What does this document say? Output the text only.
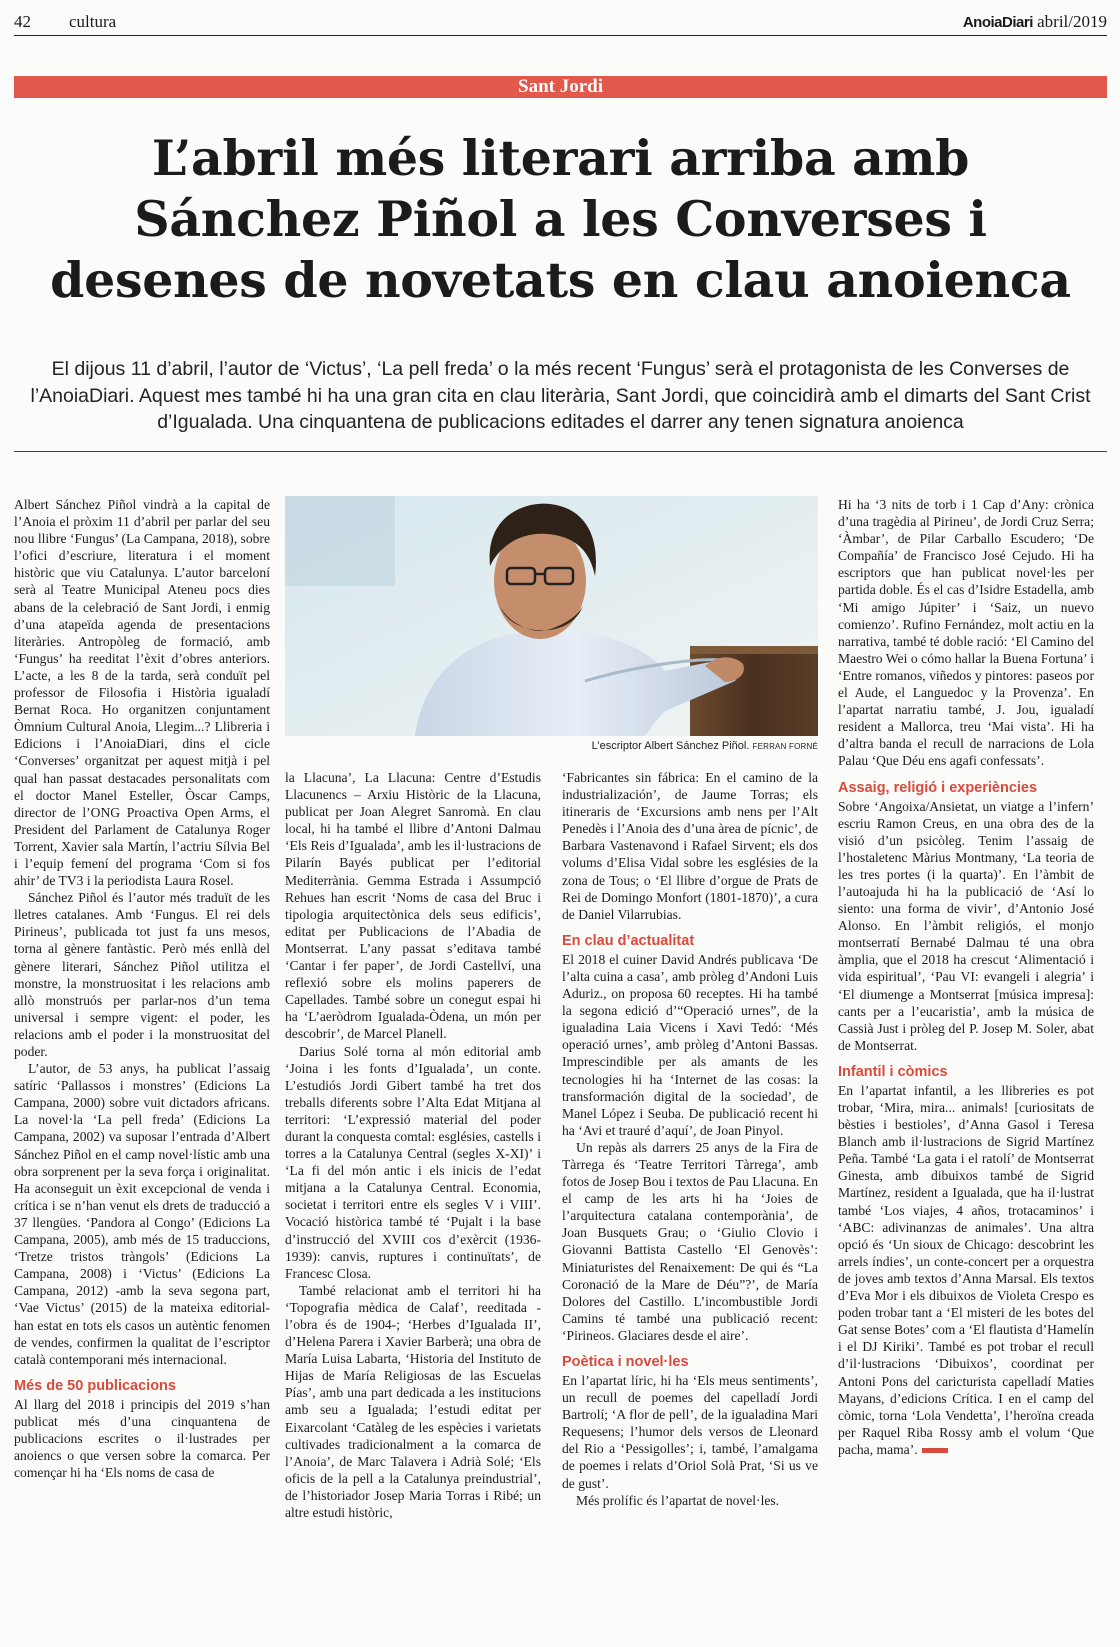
42 cultura	AnoiaDiari abril/2019
Sant Jordi
L’abril més literari arriba amb
Sánchez Piñol a les Converses i
desenes de novetats en clau anoienca

El dijous 11 d’abril, l’autor de ‘Victus’, ‘La pell freda’ o la més recent ‘Fungus’ serà el protagonista de les Converses de l’AnoiaDiari. Aquest mes també hi ha una gran cita en clau literària, Sant Jordi, que coincidirà amb el dimarts del Sant Crist d’Igualada. Una cinquantena de publicacions editades el darrer any tenen signatura anoienca

Albert Sánchez Piñol vindrà a la capital de l’Anoia el pròxim 11 d’abril per parlar del seu nou llibre ‘Fungus’ (La Campana, 2018), sobre l’ofici d’escriure, literatura i el moment històric que viu Catalunya. L’autor barceloní serà al Teatre Municipal Ateneu pocs dies abans de la celebració de Sant Jordi, i enmig d’una atapeïda agenda de presentacions literàries. Antropòleg de formació, amb ‘Fungus’ ha reeditat l’èxit d’obres anteriors. L’acte, a les 8 de la tarda, serà conduït pel professor de Filosofia i Història igualadí Bernat Roca. Ho organitzen conjuntament Òmnium Cultural Anoia, Llegim...? Llibreria i Edicions i l’AnoiaDiari, dins el cicle ‘Converses’ organitzat per aquest mitjà i pel qual han passat destacades personalitats com el doctor Manel Esteller, Òscar Camps, director de l’ONG Proactiva Open Arms, el President del Parlament de Catalunya Roger Torrent, Xavier sala Martín, l’actriu Sílvia Bel i l’equip femení del programa ‘Com si fos ahir’ de TV3 i la periodista Laura Rosel.

Sánchez Piñol és l’autor més traduït de les lletres catalanes. Amb ‘Fungus. El rei dels Pirineus’, publicada tot just fa uns mesos, torna al gènere fantàstic. Però més enllà del gènere literari, Sánchez Piñol utilitza el monstre, la monstruositat i les relacions amb allò monstruós per parlar-nos d’un tema universal i sempre vigent: el poder, les relacions amb el poder i la monstruositat del poder.

L’autor, de 53 anys, ha publicat l’assaig satíric ‘Pallassos i monstres’ (Edicions La Campana, 2000) sobre vuit dictadors africans. La novel·la ‘La pell freda’ (Edicions La Campana, 2002) va suposar l’entrada d’Albert Sánchez Piñol en el camp novel·lístic amb una obra sorprenent per la seva força i originalitat. Ha aconseguit un èxit excepcional de venda i crítica i se n’han venut els drets de traducció a 37 llengües. ‘Pandora al Congo’ (Edicions La Campana, 2005), amb més de 15 traduccions, ‘Tretze tristos tràngols’ (Edicions La Campana, 2008) i ‘Victus’ (Edicions La Campana, 2012) -amb la seva segona part, ‘Vae Victus’ (2015) de la mateixa editorial- han estat en tots els casos un autèntic fenomen de vendes, confirmen la qualitat de l’escriptor català contemporani més internacional.

Més de 50 publicacions

Al llarg del 2018 i principis del 2019 s’han publicat més d’una cinquantena de publicacions escrites o il·lustrades per anoiencs o que versen sobre la comarca. Per començar hi ha ‘Els noms de casa de

L’escriptor Albert Sánchez Piñol. FERRAN FORNÉ

la Llacuna’, La Llacuna: Centre d’Estudis Llacunencs – Arxiu Històric de la Llacuna, publicat per Joan Alegret Sanromà. En clau local, hi ha també el llibre d’Antoni Dalmau ‘Els Reis d’Igualada’, amb les il·lustracions de Pilarín Bayés publicat per l’editorial Mediterrània. Gemma Estrada i Assumpció Rehues han escrit ‘Noms de casa del Bruc i tipologia arquitectònica dels seus edificis’, editat per Publicacions de l’Abadia de Montserrat. L’any passat s’editava també ‘Cantar i fer paper’, de Jordi Castellví, una reflexió sobre els molins paperers de Capellades. També sobre un conegut espai hi ha ‘L’aeròdrom Igualada-Òdena, un món per descobrir’, de Marcel Planell.

Darius Solé torna al món editorial amb ‘Joina i les fonts d’Igualada’, un conte. L’estudiós Jordi Gibert també ha tret dos treballs diferents sobre l’Alta Edat Mitjana al territori: ‘L’expressió material del poder durant la conquesta comtal: esglésies, castells i torres a la Catalunya Central (segles X-XI)’ i ‘La fi del món antic i els inicis de l’edat mitjana a la Catalunya Central. Economia, societat i territori entre els segles V i VIII’. Vocació històrica també té ‘Pujalt i la base d’instrucció del XVIII cos d’exèrcit (1936-1939): canvis, ruptures i continuïtats’, de Francesc Closa.

També relacionat amb el territori hi ha ‘Topografia mèdica de Calaf’, reeditada -l’obra és de 1904-; ‘Herbes d’Igualada II’, d’Helena Parera i Xavier Barberà; una obra de María Luisa Labarta, ‘Historia del Instituto de Hijas de María Religiosas de las Escuelas Pías’, amb una part dedicada a les institucions amb seu a Igualada; l’estudi editat per Eixarcolant ‘Catàleg de les espècies i varietats cultivades tradicionalment a la comarca de l’Anoia’, de Marc Talavera i Adrià Solé; ‘Els oficis de la pell a la Catalunya preindustrial’, de l’historiador Josep Maria Torras i Ribé; un altre estudi històric,

‘Fabricantes sin fábrica: En el camino de la industrialización’, de Jaume Torras; els itineraris de ‘Excursions amb nens per l’Alt Penedès i l’Anoia des d’una àrea de pícnic’, de Barbara Vastenavond i Rafael Sirvent; els dos volums d’Elisa Vidal sobre les esglésies de la zona de Tous; o ‘El llibre d’orgue de Prats de Rei de Domingo Monfort (1801-1870)’, a cura de Daniel Vilarrubias.

En clau d’actualitat

El 2018 el cuiner David Andrés publicava ‘De l’alta cuina a casa’, amb pròleg d’Andoni Luis Aduriz., on proposa 60 receptes. Hi ha també la segona edició d’“Operació urnes”, de la igualadina Laia Vicens i Xavi Tedó: ‘Més operació urnes’, amb pròleg d’Antoni Bassas. Imprescindible per als amants de les tecnologies hi ha ‘Internet de las cosas: la transformación digital de la sociedad’, de Manel López i Seuba. De publicació recent hi ha ‘Avi et trauré d’aquí’, de Joan Pinyol.

Un repàs als darrers 25 anys de la Fira de Tàrrega és ‘Teatre Territori Tàrrega’, amb fotos de Josep Bou i textos de Pau Llacuna. En el camp de les arts hi ha ‘Joies de l’arquitectura catalana contemporània’, de Joan Busquets Grau; o ‘Giulio Clovio i Giovanni Battista Castello ‘El Genovès’: Miniaturistes del Renaixement: De qui és “La Coronació de la Mare de Déu”?’, de María Dolores del Castillo. L’incombustible Jordi Camins té també una publicació recent: ‘Pirineos. Glaciares desde el aire’.

Poètica i novel·les

En l’apartat líric, hi ha ‘Els meus sentiments’, un recull de poemes del capelladí Jordi Bartrolí; ‘A flor de pell’, de la igualadina Mari Requesens; l’humor dels versos de Lleonard del Rio a ‘Pessigolles’; i, també, l’amalgama de poemes i relats d’Oriol Solà Prat, ‘Si us ve de gust’.

Més prolífic és l’apartat de novel·les.

Hi ha ‘3 nits de torb i 1 Cap d’Any: crònica d’una tragèdia al Pirineu’, de Jordi Cruz Serra; ‘Àmbar’, de Pilar Carballo Escudero; ‘De Compañía’ de Francisco José Cejudo. Hi ha escriptors que han publicat novel·les per partida doble. És el cas d’Isidre Estadella, amb ‘Mi amigo Júpiter’ i ‘Saiz, un nuevo comienzo’. Rufino Fernández, molt actiu en la narrativa, també té doble ració: ‘El Camino del Maestro Wei o cómo hallar la Buena Fortuna’ i ‘Entre romanos, viñedos y pintores: paseos por el Aude, el Languedoc y la Provenza’. En l’apartat narratiu també, J. Jou, igualadí resident a Mallorca, treu ‘Mai vista’. Hi ha d’altra banda el recull de narracions de Lola Palau ‘Que Déu ens agafi confessats’.

Assaig, religió i experiències

Sobre ‘Angoixa/Ansietat, un viatge a l’infern’ escriu Ramon Creus, en una obra des de la visió d’un psicòleg. Tenim l’assaig de l’hostaletenc Màrius Montmany, ‘La teoria de les tres portes (i la quarta)’. En l’àmbit de l’autoajuda hi ha la publicació de ‘Así lo siento: una forma de vivir’, d’Antonio José Alonso. En l’àmbit religiós, el monjo montserratí Bernabé Dalmau té una obra àmplia, que el 2018 ha crescut ‘Alimentació i vida espiritual’, ‘Pau VI: evangeli i alegria’ i ‘El diumenge a Montserrat [música impresa]: cants per a l’eucaristia’, amb la música de Cassià Just i pròleg del P. Josep M. Soler, abat de Montserrat.

Infantil i còmics

En l’apartat infantil, a les llibreries es pot trobar, ‘Mira, mira... animals! [curiositats de bèsties i bestioles’, d’Anna Gasol i Teresa Blanch amb il·lustracions de Sigrid Martínez Peña. També ‘La gata i el ratolí’ de Montserrat Ginesta, amb dibuixos també de Sigrid Martínez, resident a Igualada, que ha il·lustrat també ‘Los viajes, 4 años, trotacaminos’ i ‘ABC: adivinanzas de animales’. Una altra opció és ‘Un sioux de Chicago: descobrint les arrels índies’, un conte-concert per a orquestra de joves amb textos d’Anna Marsal. Els textos d’Eva Mor i els dibuixos de Violeta Crespo es poden trobar tant a ‘El misteri de les botes del Gat sense Botes’ com a ‘El flautista d’Hamelín i el DJ Kiriki’. També es pot trobar el recull d’il·lustracions ‘Dibuixos’, coordinat per Antoni Pons del caricturista capelladí Maties Mayans, d’edicions Crítica. I en el camp del còmic, torna ‘Lola Vendetta’, l’heroïna creada per Raquel Riba Rossy amb el volum ‘Que pacha, mama’.
